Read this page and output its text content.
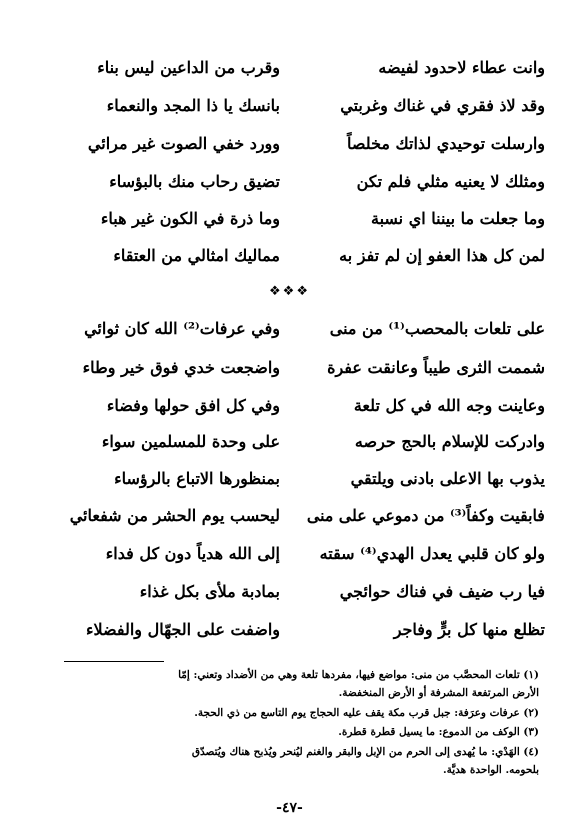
وانت عطاء لاحدود لفيضه
وقرب من الداعين ليس بناء
وقد لاذ فقري في غناك وغربتي
بانسك يا ذا المجد والنعماء
وارسلت توحيدي لذاتك مخلصاً
وورد خفي الصوت غير مرائي
ومثلك لا يعنيه مثلي فلم تكن
تضيق رحاب منك بالبؤساء
وما جعلت ما بيننا اي نسبة
وما ذرة في الكون غير هباء
لمن كل هذا العفو إن لم تفز به
مماليك امثالي من العتقاء
❖❖❖
على تلعات بالمحصب⁽¹⁾ من منى
وفي عرفات⁽²⁾ الله كان ثوائي
شممت الثرى طيباً وعانقت عفرة
واضجعت خدي فوق خير وطاء
وعاينت وجه الله في كل تلعة
وفي كل افق حولها وفضاء
وادركت للإسلام بالحج حرصه
على وحدة للمسلمين سواء
يذوب بها الاعلى بادنى ويلتقي
بمنظورها الاتباع بالرؤساء
فابقيت وكفاً⁽³⁾ من دموعي على منى
ليحسب يوم الحشر من شفعائي
ولو كان قلبي يعدل الهدي⁽⁴⁾ سقته
إلى الله هدياً دون كل فداء
فيا رب ضيف في فناك حوائجي
بمادبة ملأى بكل غذاء
تظلع منها كل برٍّ وفاجر
واضفت على الجهّال والفضلاء
(١) تلعات المحصَّب من منى: مواضع فيها، مفردها تلعة وهي من الأضداد وتعني: إمّا
الأرض المرتفعة المشرفة أو الأرض المنخفضة.
(٢) عرفات وعرَفة: جبل قرب مكة يقف عليه الحجاج يوم التاسع من ذي الحجة.
(٣) الوكف من الدموع: ما يسيل قطرة قطرة.
(٤) الهَدْي: ما يُهدى إلى الحرم من الإبل والبقر والغنم ليُنحر ويُذبح هناك ويُتصدّق
بلحومه. الواحدة هديَّة.
-٤٧-
